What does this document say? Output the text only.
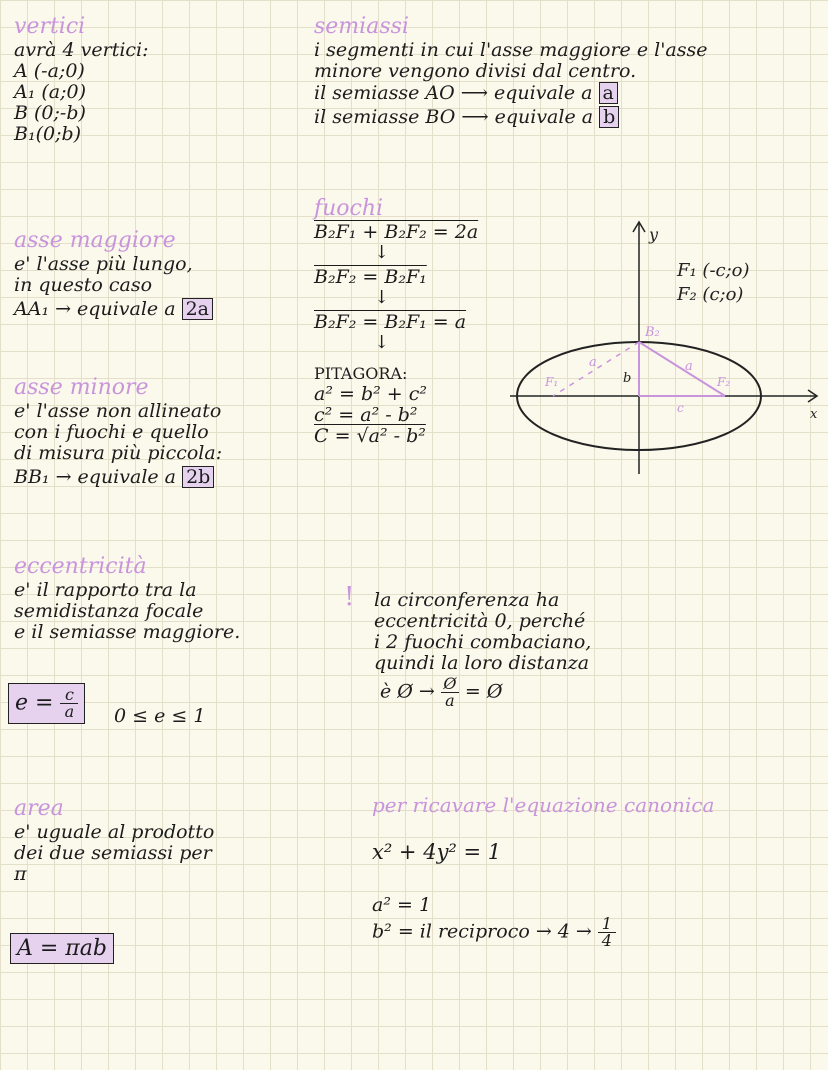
vertici
avrà 4 vertici:
A (-a;0)
A₁ (a;0)
B (0;-b)
B₁(0;b)
semiassi
i segmenti in cui l'asse maggiore e l'asse
minore vengono divisi dal centro.
il semiasse AO ⟶ equivale a a
il semiasse BO ⟶ equivale a b
asse maggiore
e' l'asse più lungo,
in questo caso
AA₁ → equivale a 2a
asse minore
e' l'asse non allineato
con i fuochi e quello
di misura più piccola:
BB₁ → equivale a 2b
fuochi
B₂F₁ + B₂F₂ = 2a
↓
B₂F₂ = B₂F₁
↓
B₂F₂ = B₂F₁ = a
↓
PITAGORA:
a² = b² + c²
c² = a² - b²
C = √a² - b²
y
x
F₁ (-c;o)
F₂ (c;o)
B₂
F₁	F₂
a
b
a
c
eccentricità
e' il rapporto tra la
semidistanza focale
e il semiasse maggiore.
$e = \frac{c}{a} 0 \le e \le 1$
! la circonferenza ha
eccentricità 0, perché
i 2 fuochi combaciano,
quindi la loro distanza
è Ø → $\frac{Ø}{a}$ = Ø
area
e' uguale al prodotto
dei due semiassi per
π
A = πab
per ricavare l'equazione canonica
x² + 4y² = 1
a² = 1
b² = il reciproco → $4 \to \frac{1}{4}$
